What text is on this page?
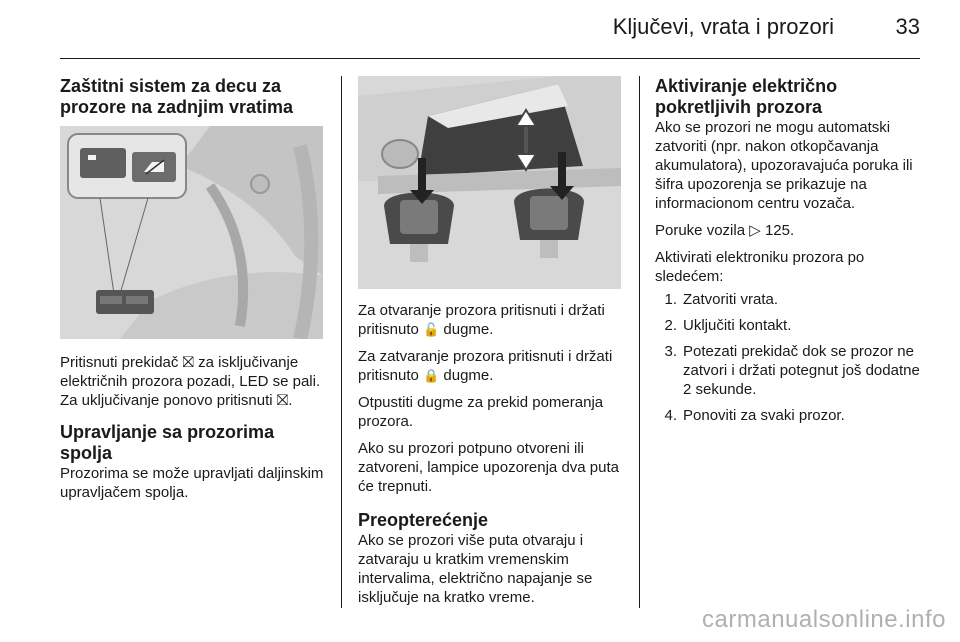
Ključevi, vrata i prozori	33
Zaštitni sistem za decu za prozore na zadnjim vratima

Pritisnuti prekidač ⛝ za isključivanje električnih prozora pozadi, LED se pali. Za uključivanje ponovo pritisnuti ⛝.

Upravljanje sa prozorima spolja

Prozorima se može upravljati daljinskim upravljačem spolja.

Za otvaranje prozora pritisnuti i držati pritisnuto 🔓 dugme.

Za zatvaranje prozora pritisnuti i držati pritisnuto 🔒 dugme.

Otpustiti dugme za prekid pomeranja prozora.

Ako su prozori potpuno otvoreni ili zatvoreni, lampice upozorenja dva puta će trepnuti.

Preopterećenje

Ako se prozori više puta otvaraju i zatvaraju u kratkim vremenskim intervalima, električno napajanje se isključuje na kratko vreme.

Aktiviranje električno pokretljivih prozora

Ako se prozori ne mogu automatski zatvoriti (npr. nakon otkopčavanja akumulatora), upozoravajuća poruka ili šifra upozorenja se prikazuje na informacionom centru vozača.

Poruke vozila ▷ 125.

Aktivirati elektroniku prozora po sledećem:

1. Zatvoriti vrata.
2. Uključiti kontakt.
3. Potezati prekidač dok se prozor ne zatvori i držati potegnut još dodatne 2 sekunde.
4. Ponoviti za svaki prozor.
carmanualsonline.info
